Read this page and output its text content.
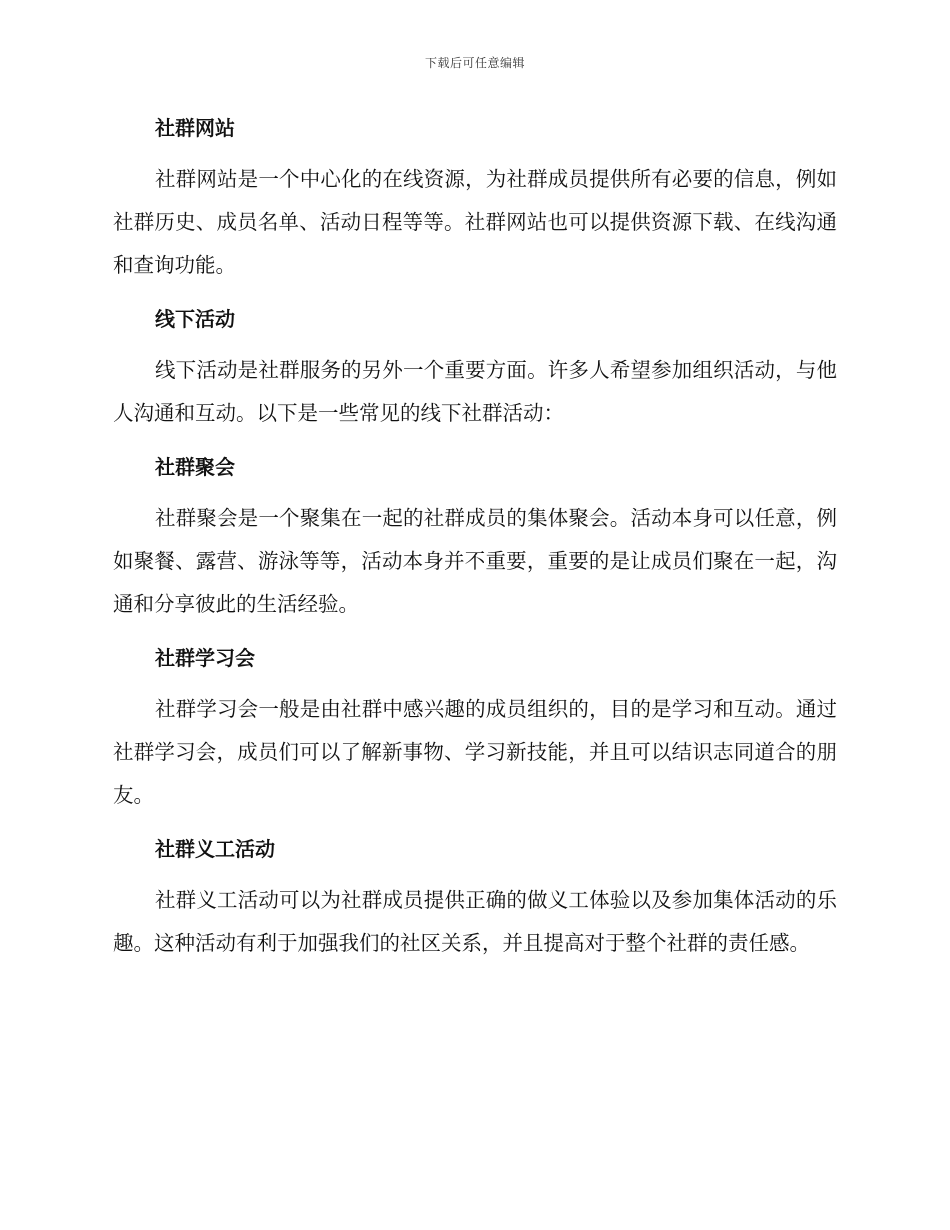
下载后可任意编辑
社群网站

社群网站是一个中心化的在线资源，为社群成员提供所有必要的信息，例如社群历史、成员名单、活动日程等等。社群网站也可以提供资源下载、在线沟通和查询功能。

线下活动

线下活动是社群服务的另外一个重要方面。许多人希望参加组织活动，与他人沟通和互动。以下是一些常见的线下社群活动：

社群聚会

社群聚会是一个聚集在一起的社群成员的集体聚会。活动本身可以任意，例如聚餐、露营、游泳等等，活动本身并不重要，重要的是让成员们聚在一起，沟通和分享彼此的生活经验。

社群学习会

社群学习会一般是由社群中感兴趣的成员组织的，目的是学习和互动。通过社群学习会，成员们可以了解新事物、学习新技能，并且可以结识志同道合的朋友。

社群义工活动

社群义工活动可以为社群成员提供正确的做义工体验以及参加集体活动的乐趣。这种活动有利于加强我们的社区关系，并且提高对于整个社群的责任感。
